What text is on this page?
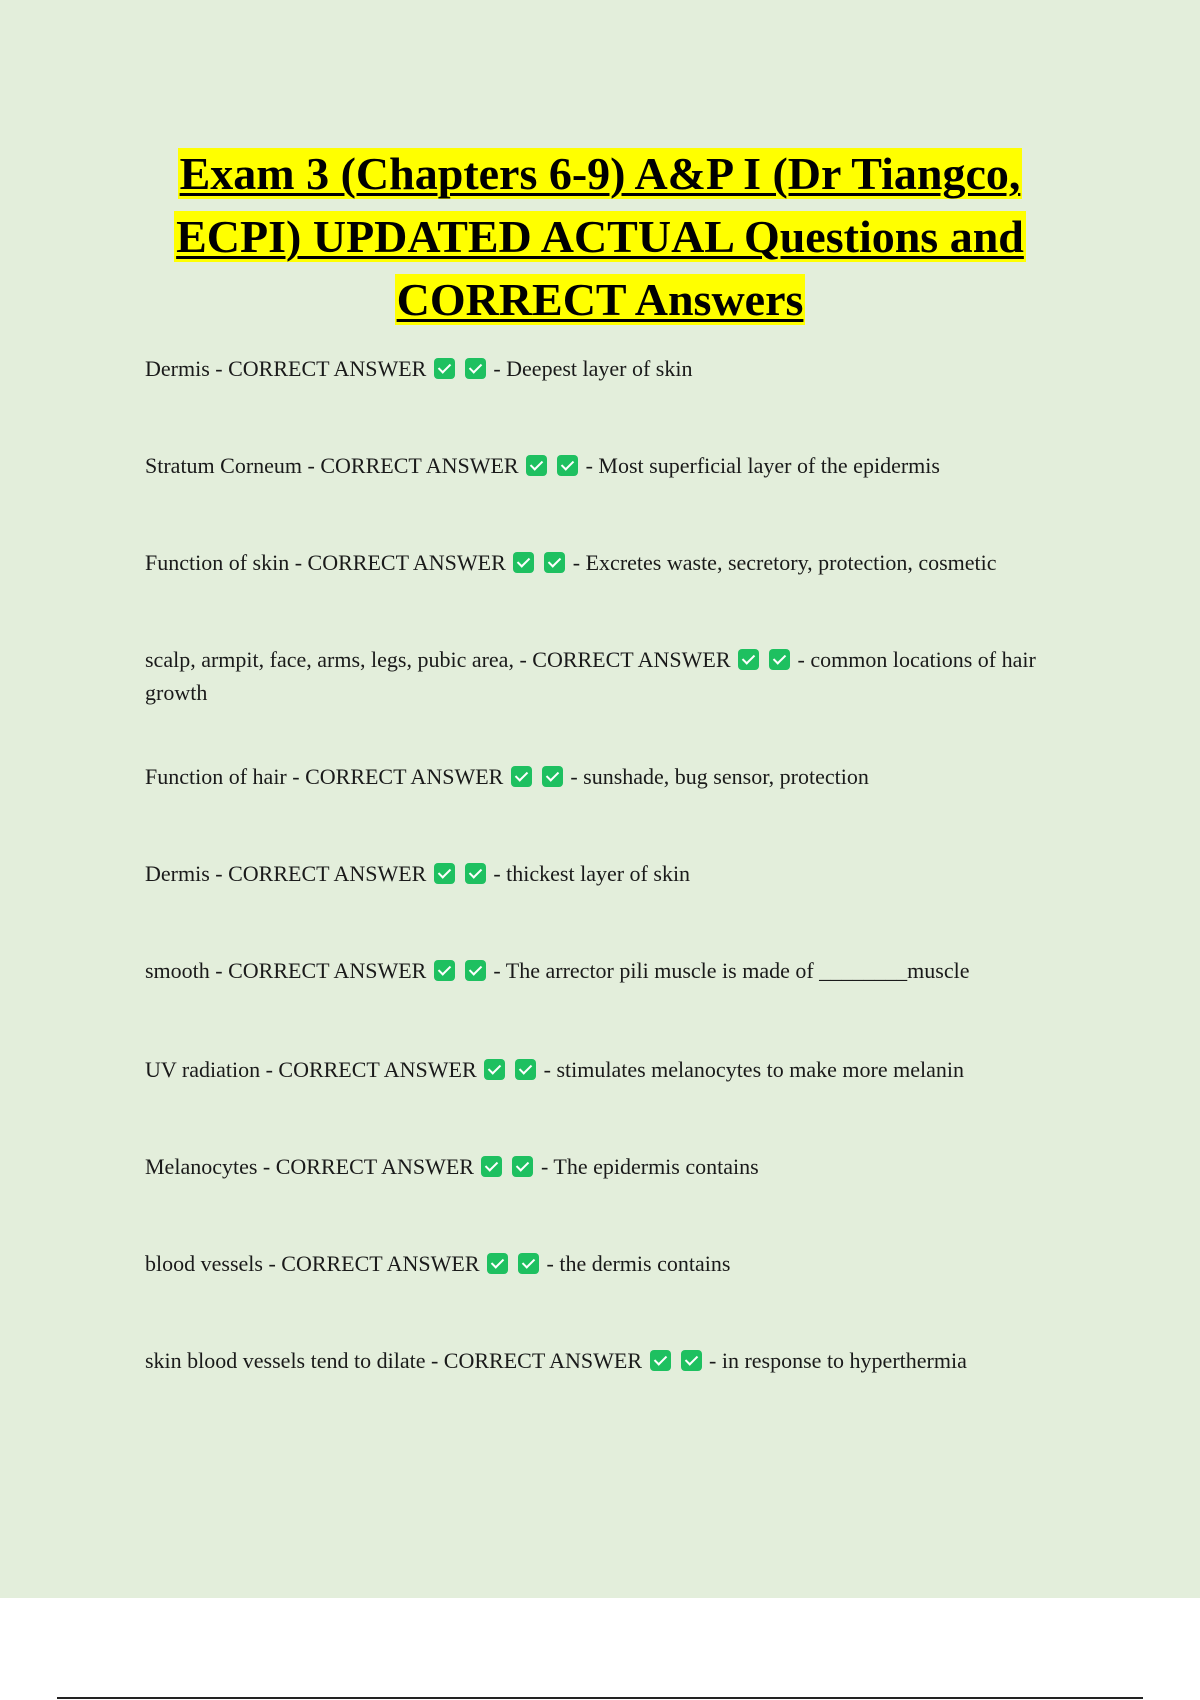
Exam 3 (Chapters 6-9) A&P I (Dr Tiangco,
ECPI) UPDATED ACTUAL Questions and
CORRECT Answers
Dermis - CORRECT ANSWER	- Deepest layer of skin
Stratum Corneum - CORRECT ANSWER	- Most superficial layer of the epidermis
Function of skin - CORRECT ANSWER	- Excretes waste, secretory, protection, cosmetic
scalp, armpit, face, arms, legs, pubic area, - CORRECT ANSWER	- common locations of hair growth
Function of hair - CORRECT ANSWER	- sunshade, bug sensor, protection
Dermis - CORRECT ANSWER	- thickest layer of skin
smooth - CORRECT ANSWER	- The arrector pili muscle is made of ________muscle
UV radiation - CORRECT ANSWER	- stimulates melanocytes to make more melanin
Melanocytes - CORRECT ANSWER	- The epidermis contains
blood vessels - CORRECT ANSWER	- the dermis contains
skin blood vessels tend to dilate - CORRECT ANSWER	- in response to hyperthermia
